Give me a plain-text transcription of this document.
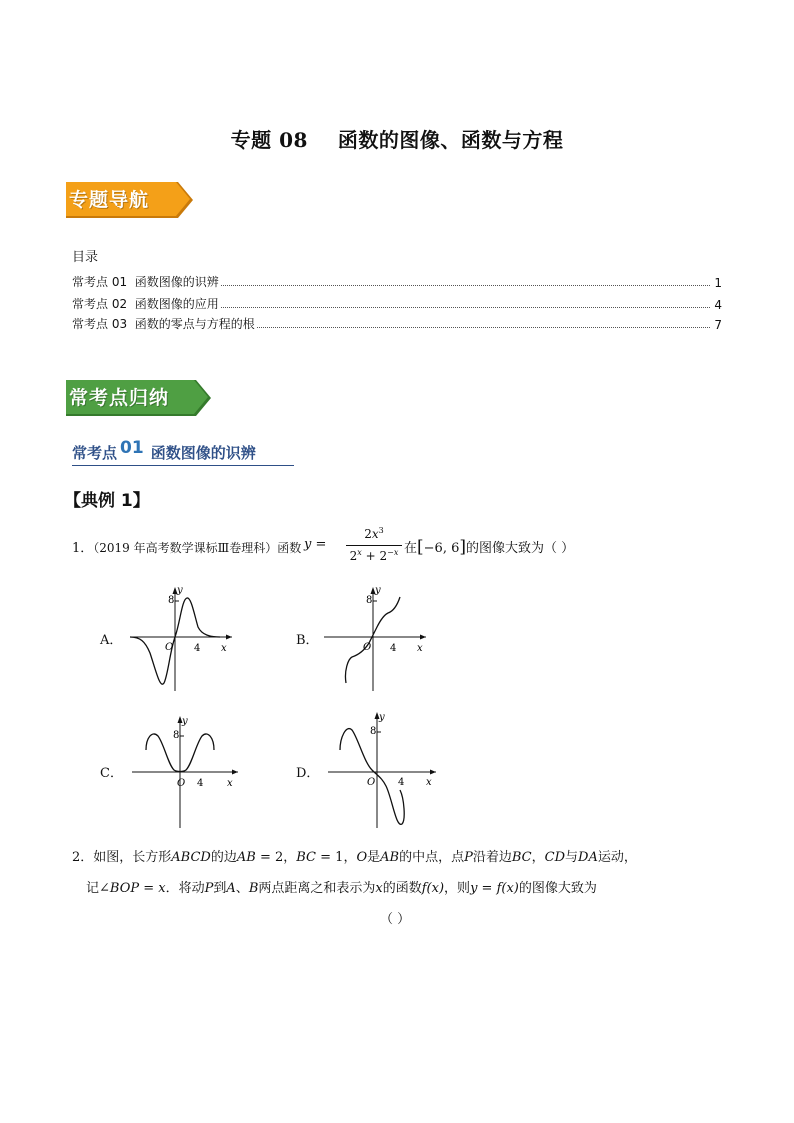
专题 08    函数的图像、函数与方程
专题导航
目录
常考点 01  函数图像的识辨	1
常考点 02  函数图像的应用	4
常考点 03  函数的零点与方程的根	7
常考点归纳
常考点 01 函数图像的识辨
【典例 1】
1．（2019 年高考数学课标Ⅲ卷理科）函数 y =
$2x^3$
$2^x + 2^{-x}$ 在[−6, 6]的图像大致为（ ）
A．
8
y
O 4 x
B．
8
y
O 4 x
C．
8
y
O 4 x
D．
8
y
O 4 x
2．如图，长方形ABCD的边AB = 2，BC = 1，O是AB的中点，点P沿着边BC，CD与DA运动，
记∠BOP = x．将动P到A、B两点距离之和表示为x的函数f(x)，则y = f(x)的图像大致为
（ ）
